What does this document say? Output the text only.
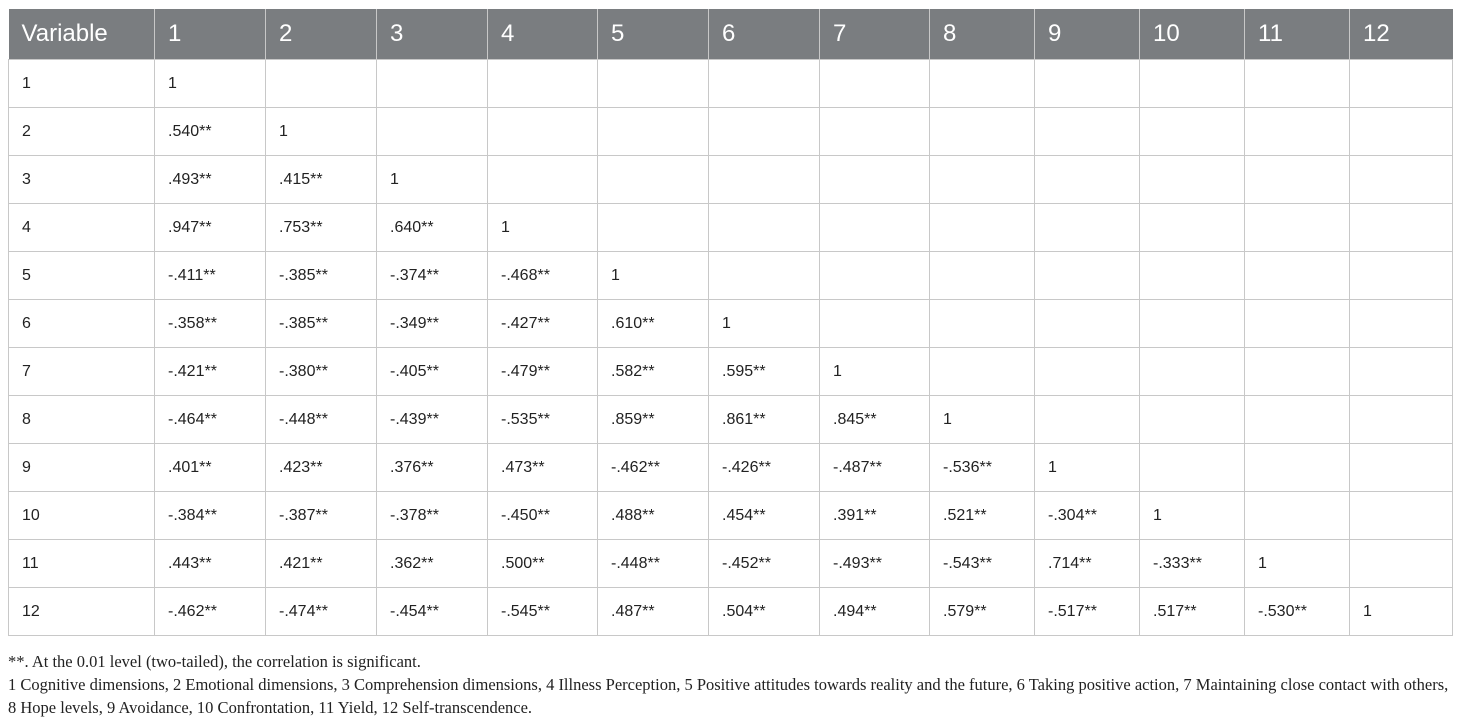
Variable	1	2	3	4	5	6	7	8	9	10	11	12
1	1											
2	.540**	1										
3	.493**	.415**	1									
4	.947**	.753**	.640**	1								
5	-.411**	-.385**	-.374**	-.468**	1							
6	-.358**	-.385**	-.349**	-.427**	.610**	1						
7	-.421**	-.380**	-.405**	-.479**	.582**	.595**	1					
8	-.464**	-.448**	-.439**	-.535**	.859**	.861**	.845**	1				
9	.401**	.423**	.376**	.473**	-.462**	-.426**	-.487**	-.536**	1			
10	-.384**	-.387**	-.378**	-.450**	.488**	.454**	.391**	.521**	-.304**	1		
11	.443**	.421**	.362**	.500**	-.448**	-.452**	-.493**	-.543**	.714**	-.333**	1	
12	-.462**	-.474**	-.454**	-.545**	.487**	.504**	.494**	.579**	-.517**	.517**	-.530**	1

**. At the 0.01 level (two-tailed), the correlation is significant.

1 Cognitive dimensions, 2 Emotional dimensions, 3 Comprehension dimensions, 4 Illness Perception, 5 Positive attitudes towards reality and the future, 6 Taking positive action, 7 Maintaining close contact with others, 8 Hope levels, 9 Avoidance, 10 Confrontation, 11 Yield, 12 Self-transcendence.
